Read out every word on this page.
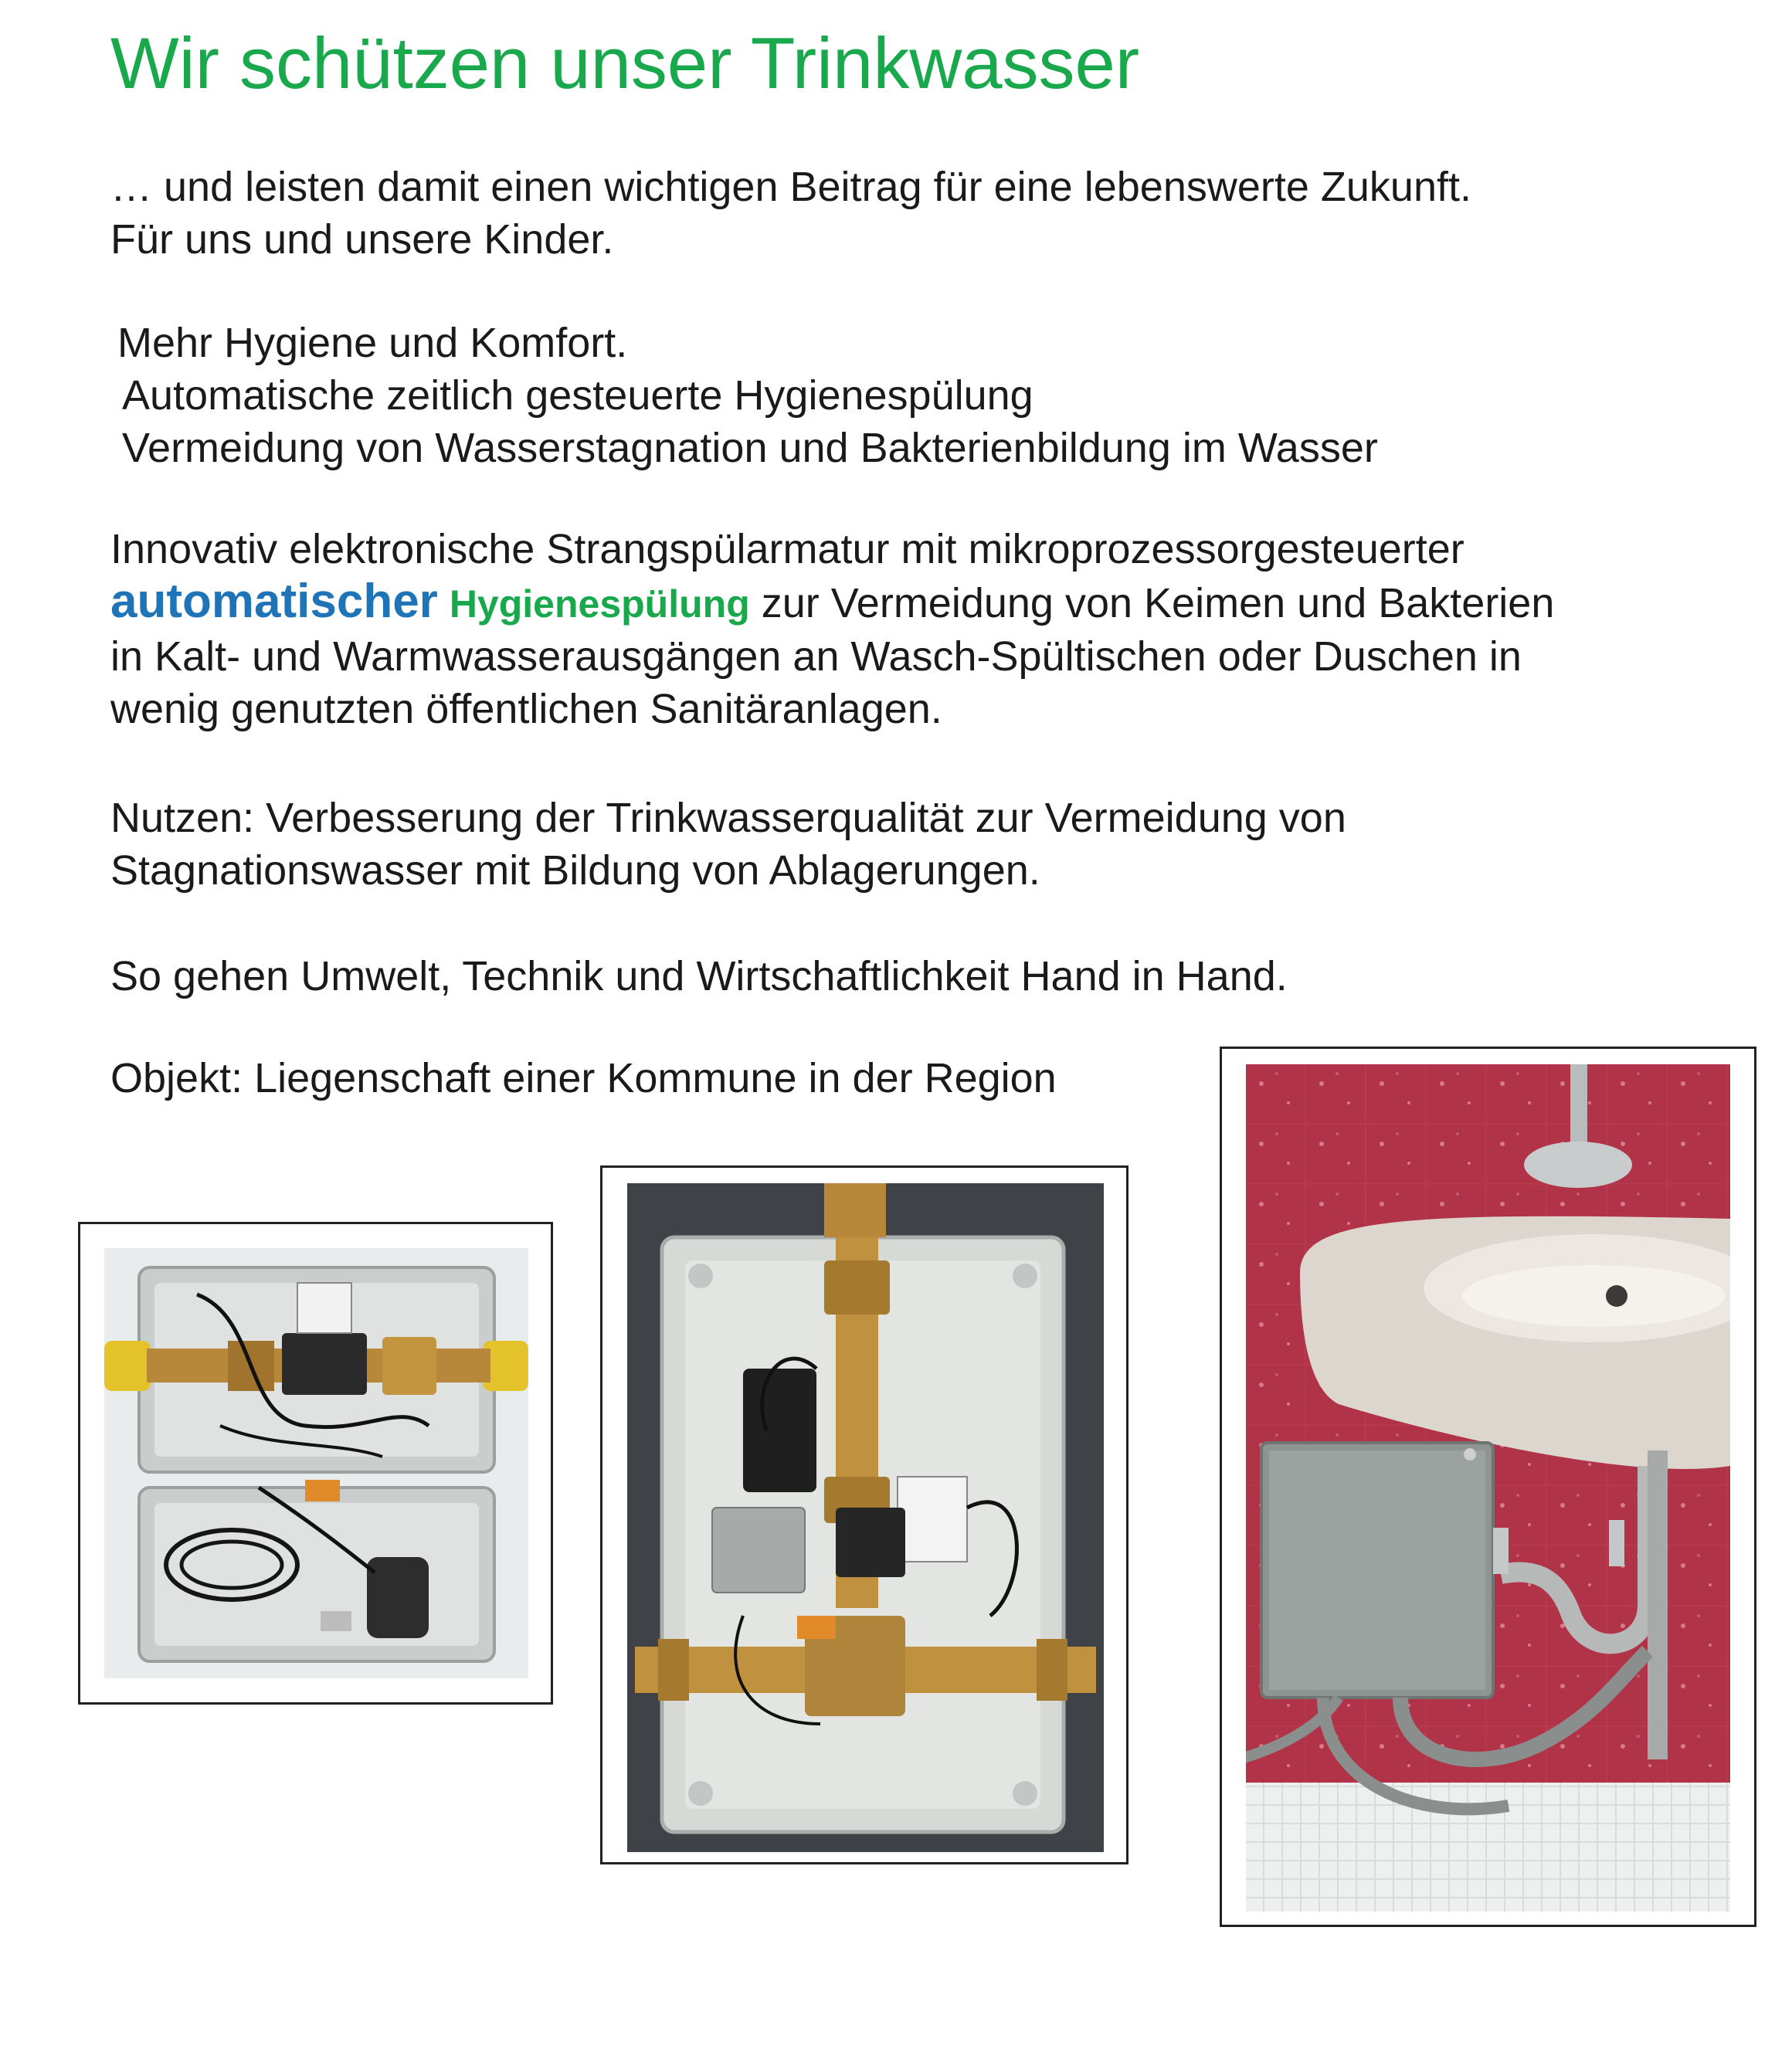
Wir schützen unser Trinkwasser

… und leisten damit einen wichtigen Beitrag für eine lebenswerte Zukunft.
Für uns und unsere Kinder.

Mehr Hygiene und Komfort.
Automatische zeitlich gesteuerte Hygienespülung
Vermeidung von Wasserstagnation und Bakterienbildung im Wasser

Innovativ elektronische Strangspülarmatur mit mikroprozessorgesteuerter
automatischer Hygienespülung zur Vermeidung von Keimen und Bakterien
in Kalt- und Warmwasserausgängen an Wasch-Spültischen oder Duschen in
wenig genutzten öffentlichen Sanitäranlagen.

Nutzen: Verbesserung der Trinkwasserqualität zur Vermeidung von
Stagnationswasser mit Bildung von Ablagerungen.

So gehen Umwelt, Technik und Wirtschaftlichkeit Hand in Hand.

Objekt: Liegenschaft einer Kommune in der Region
